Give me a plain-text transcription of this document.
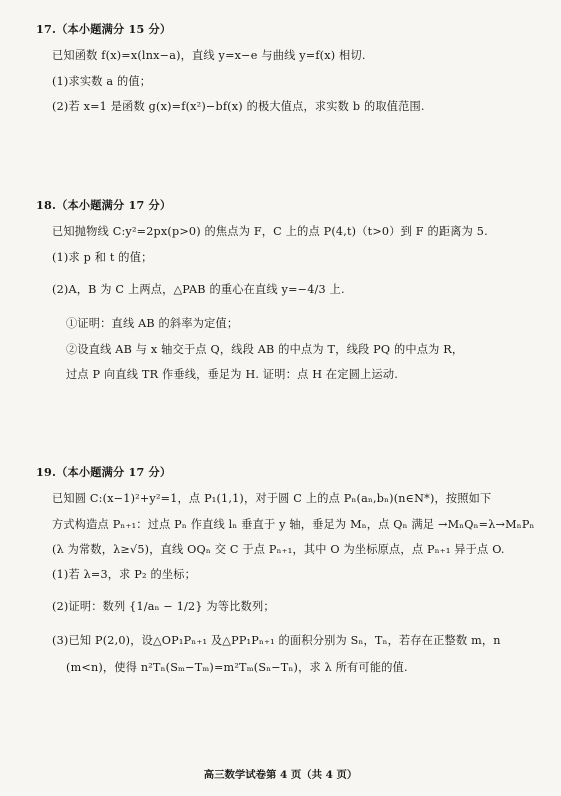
17.（本小题满分 15 分）
已知函数 f(x)=x(lnx−a)，直线 y=x−e 与曲线 y=f(x) 相切.
(1)求实数 a 的值；
(2)若 x=1 是函数 g(x)=f(x²)−bf(x) 的极大值点，求实数 b 的取值范围.
18.（本小题满分 17 分）
已知抛物线 C:y²=2px(p>0) 的焦点为 F，C 上的点 P(4,t)（t>0）到 F 的距离为 5.
(1)求 p 和 t 的值；
(2)A，B 为 C 上两点，△PAB 的重心在直线 y=−4/3 上.
①证明：直线 AB 的斜率为定值；
②设直线 AB 与 x 轴交于点 Q，线段 AB 的中点为 T，线段 PQ 的中点为 R，
过点 P 向直线 TR 作垂线，垂足为 H. 证明：点 H 在定圆上运动.
19.（本小题满分 17 分）
已知圆 C:(x−1)²+y²=1，点 P₁(1,1)，对于圆 C 上的点 Pₙ(aₙ,bₙ)(n∈N*)，按照如下
方式构造点 Pₙ₊₁：过点 Pₙ 作直线 lₙ 垂直于 y 轴，垂足为 Mₙ，点 Qₙ 满足 →MₙQₙ=λ→MₙPₙ
(λ 为常数，λ≥√5)，直线 OQₙ 交 C 于点 Pₙ₊₁，其中 O 为坐标原点，点 Pₙ₊₁ 异于点 O.
(1)若 λ=3，求 P₂ 的坐标；
(2)证明：数列 {1/aₙ − 1/2} 为等比数列；
(3)已知 P(2,0)，设△OP₁Pₙ₊₁ 及△PP₁Pₙ₊₁ 的面积分别为 Sₙ，Tₙ，若存在正整数 m，n
(m<n)，使得 n²Tₙ(Sₘ−Tₘ)=m²Tₘ(Sₙ−Tₙ)，求 λ 所有可能的值.
高三数学试卷第 4 页（共 4 页）
